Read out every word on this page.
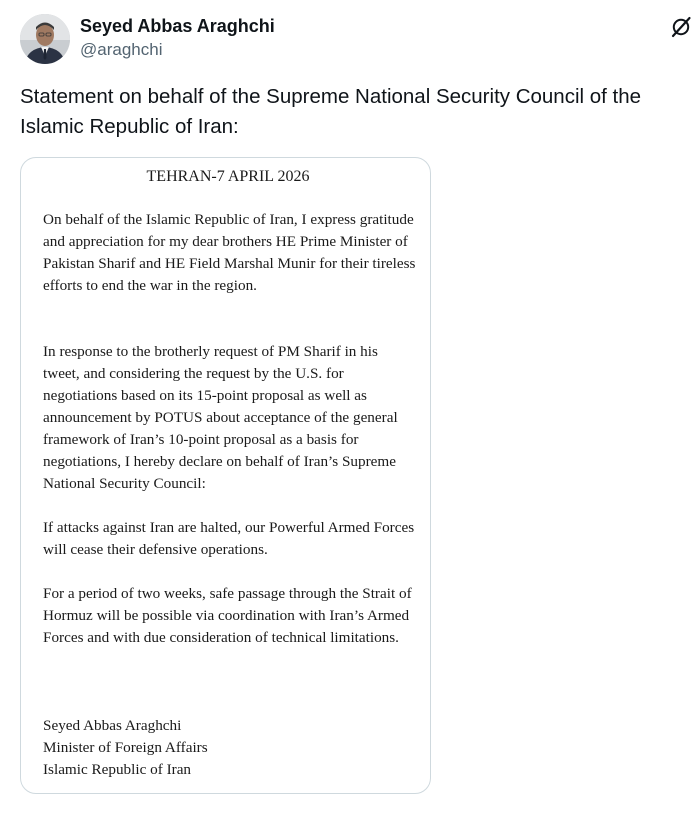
Seyed Abbas Araghchi
@araghchi

Statement on behalf of the Supreme National Security Council of the Islamic Republic of Iran:

TEHRAN-7 APRIL 2026

On behalf of the Islamic Republic of Iran, I express gratitude and appreciation for my dear brothers HE Prime Minister of Pakistan Sharif and HE Field Marshal Munir for their tireless efforts to end the war in the region.

In response to the brotherly request of PM Sharif in his tweet, and considering the request by the U.S. for negotiations based on its 15-point proposal as well as announcement by POTUS about acceptance of the general framework of Iran’s 10-point proposal as a basis for negotiations, I hereby declare on behalf of Iran’s Supreme National Security Council:

If attacks against Iran are halted, our Powerful Armed Forces will cease their defensive operations.

For a period of two weeks, safe passage through the Strait of Hormuz will be possible via coordination with Iran’s Armed Forces and with due consideration of technical limitations.

Seyed Abbas Araghchi
Minister of Foreign Affairs
Islamic Republic of Iran
